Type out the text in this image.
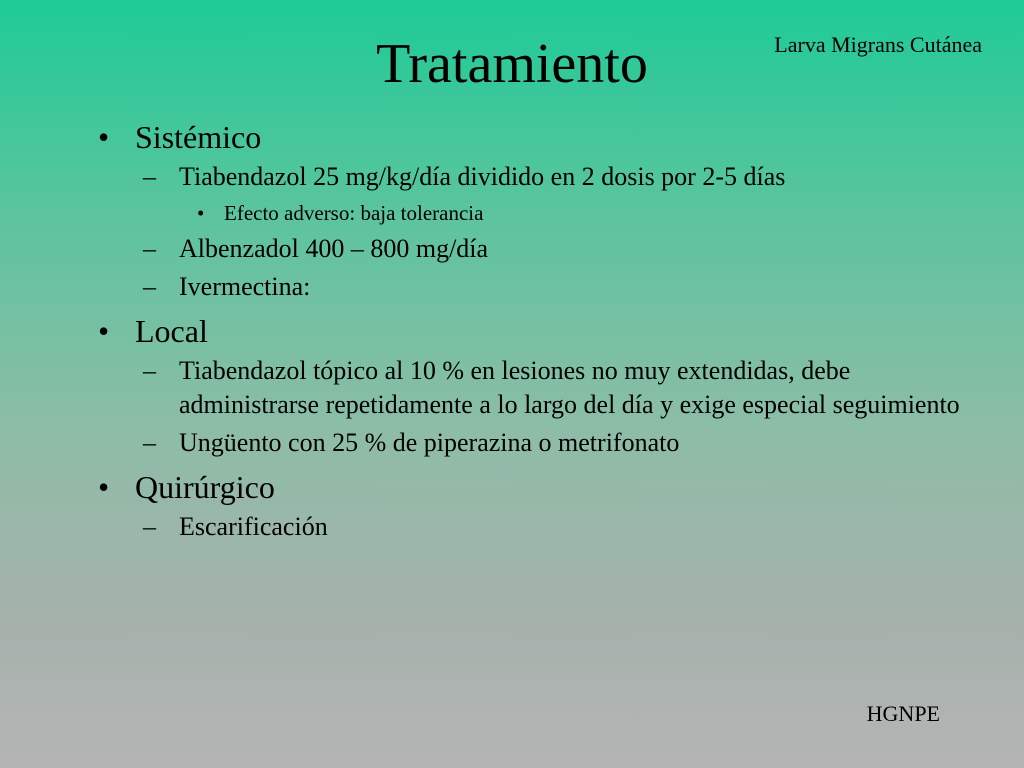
Tratamiento	Larva Migrans Cutánea
• Sistémico
– Tiabendazol 25 mg/kg/día dividido en 2 dosis por 2-5 días
• Efecto adverso: baja tolerancia
– Albenzadol 400 – 800 mg/día
– Ivermectina:
• Local
– Tiabendazol tópico al 10 % en lesiones no muy extendidas, debe administrarse repetidamente a lo largo del día y exige especial seguimiento
– Ungüento con 25 % de piperazina o metrifonato
• Quirúrgico
– Escarificación
HGNPE
